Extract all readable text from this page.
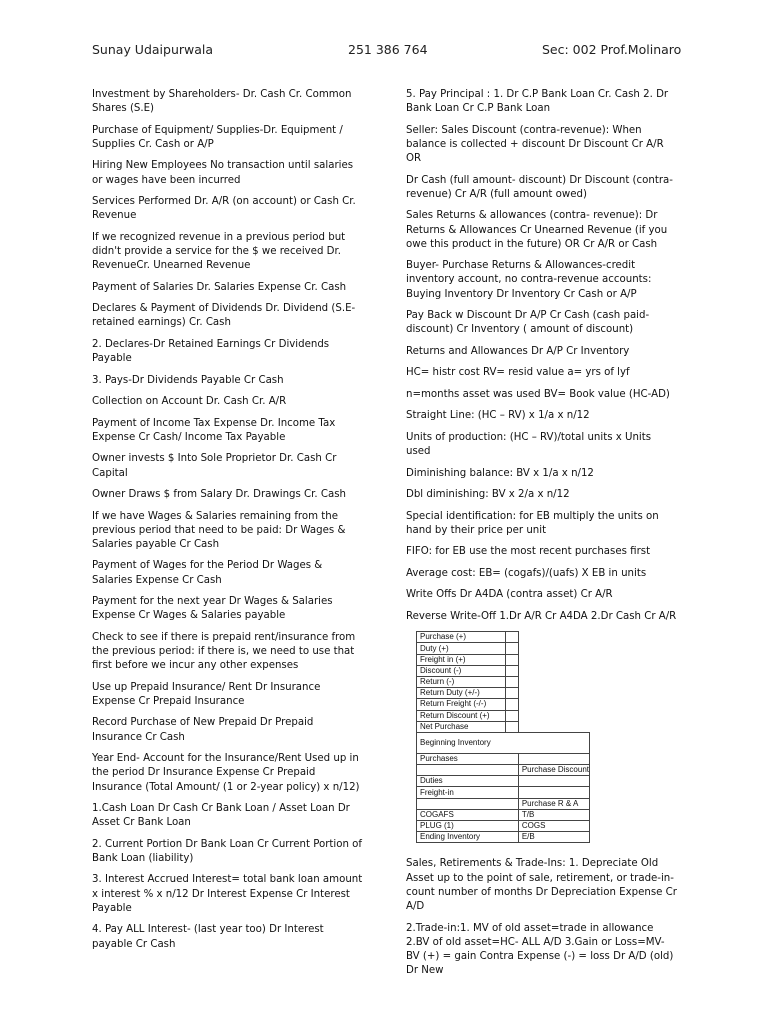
Sunay Udaipurwala	251 386 764	Sec: 002 Prof.Molinaro

Investment by Shareholders- Dr. Cash Cr. Common Shares (S.E)

Purchase of Equipment/ Supplies-Dr. Equipment / Supplies Cr. Cash or A/P

Hiring New Employees No transaction until salaries or wages have been incurred

Services Performed Dr. A/R (on account) or Cash Cr. Revenue

If we recognized revenue in a previous period but didn't provide a service for the $ we received Dr. RevenueCr. Unearned Revenue

Payment of Salaries Dr. Salaries Expense Cr. Cash

Declares & Payment of Dividends Dr. Dividend (S.E-retained earnings) Cr. Cash

2. Declares-Dr Retained Earnings Cr Dividends Payable

3. Pays-Dr Dividends Payable Cr Cash

Collection on Account Dr. Cash Cr. A/R

Payment of Income Tax Expense Dr. Income Tax Expense Cr Cash/ Income Tax Payable

Owner invests $ Into Sole Proprietor Dr. Cash Cr Capital

Owner Draws $ from Salary Dr. Drawings Cr. Cash

If we have Wages & Salaries remaining from the previous period that need to be paid: Dr Wages & Salaries payable Cr Cash

Payment of Wages for the Period Dr Wages & Salaries Expense Cr Cash

Payment for the next year Dr Wages & Salaries Expense Cr Wages & Salaries payable

Check to see if there is prepaid rent/insurance from the previous period: if there is, we need to use that first before we incur any other expenses

Use up Prepaid Insurance/ Rent Dr Insurance Expense Cr Prepaid Insurance

Record Purchase of New Prepaid Dr Prepaid Insurance Cr Cash

Year End- Account for the Insurance/Rent Used up in the period Dr Insurance Expense Cr Prepaid Insurance (Total Amount/ (1 or 2-year policy) x n/12)

1.Cash Loan Dr Cash Cr Bank Loan / Asset Loan Dr Asset Cr Bank Loan

2. Current Portion Dr Bank Loan Cr Current Portion of Bank Loan (liability)

3. Interest Accrued Interest= total bank loan amount x interest % x n/12 Dr Interest Expense Cr Interest Payable

4. Pay ALL Interest- (last year too) Dr Interest payable Cr Cash

5. Pay Principal : 1. Dr C.P Bank Loan Cr. Cash 2. Dr Bank Loan Cr C.P Bank Loan

Seller: Sales Discount (contra-revenue): When balance is collected + discount Dr Discount Cr A/R OR

Dr Cash (full amount- discount) Dr Discount (contra-revenue) Cr A/R (full amount owed)

Sales Returns & allowances (contra- revenue): Dr Returns & Allowances Cr Unearned Revenue (if you owe this product in the future) OR Cr A/R or Cash

Buyer- Purchase Returns & Allowances-credit inventory account, no contra-revenue accounts: Buying Inventory Dr Inventory Cr Cash or A/P

Pay Back w Discount Dr A/P Cr Cash (cash paid-discount) Cr Inventory ( amount of discount)

Returns and Allowances Dr A/P Cr Inventory

HC= histr cost RV= resid value a= yrs of lyf

n=months asset was used BV= Book value (HC-AD)

Straight Line: (HC – RV) x 1/a x n/12

Units of production: (HC – RV)/total units x Units used

Diminishing balance: BV x 1/a x n/12

Dbl diminishing: BV x 2/a x n/12

Special identification: for EB multiply the units on hand by their price per unit

FIFO: for EB use the most recent purchases first

Average cost: EB= (cogafs)/(uafs) X EB in units

Write Offs Dr A4DA (contra asset) Cr A/R

Reverse Write-Off 1.Dr A/R Cr A4DA 2.Dr Cash Cr A/R

Purchase (+)		
Duty (+)		
Freight in (+)		
Discount (-)		
Return (-)		
Return Duty (+/-)		
Return Freight (-/-)		
Return Discount (+)		
Net Purchase		
Beginning Inventory		
Purchases		
		Purchase Discount
Duties		
Freight-in		
		Purchase R & A
COGAFS		T/B
PLUG (1)		COGS
Ending Inventory		E/B

Sales, Retirements & Trade-Ins: 1. Depreciate Old Asset up to the point of sale, retirement, or trade-in- count number of months Dr Depreciation Expense Cr A/D

2.Trade-in:1. MV of old asset=trade in allowance 2.BV of old asset=HC- ALL A/D 3.Gain or Loss=MV- BV (+) = gain Contra Expense (-) = loss Dr A/D (old) Dr New
